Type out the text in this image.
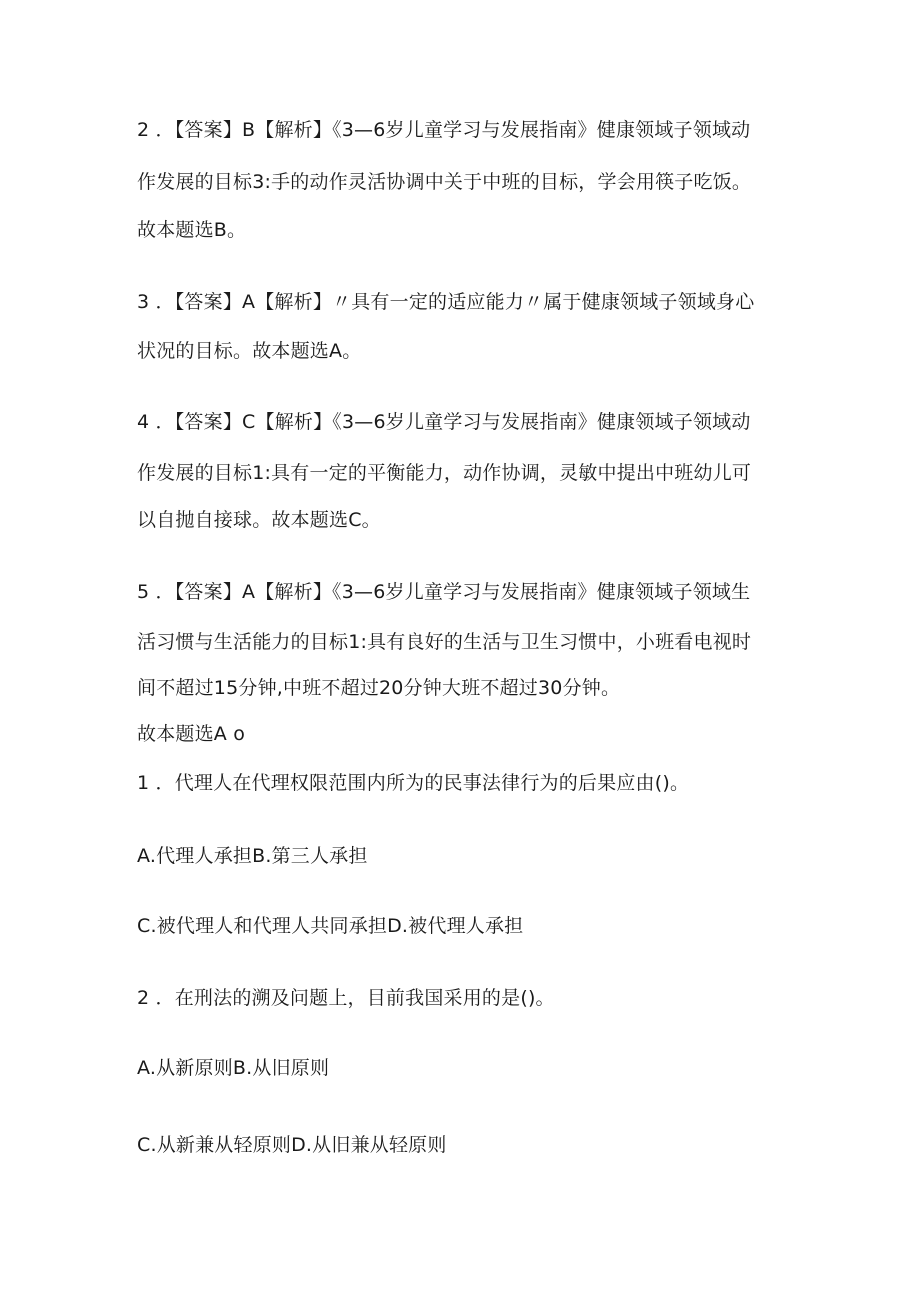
2 ．【答案】B【解析】《3—6岁儿童学习与发展指南》健康领域子领域动
作发展的目标3:手的动作灵活协调中关于中班的目标，学会用筷子吃饭。
故本题选B。
3 ．【答案】A【解析】〃具有一定的适应能力〃属于健康领域子领域身心
状况的目标。故本题选A。
4 ．【答案】C【解析】《3—6岁儿童学习与发展指南》健康领域子领域动
作发展的目标1:具有一定的平衡能力，动作协调，灵敏中提出中班幼儿可
以自抛自接球。故本题选C。
5 ．【答案】A【解析】《3—6岁儿童学习与发展指南》健康领域子领域生
活习惯与生活能力的目标1:具有良好的生活与卫生习惯中，小班看电视时
间不超过15分钟,中班不超过20分钟大班不超过30分钟。
故本题选A o
1 ．代理人在代理权限范围内所为的民事法律行为的后果应由()。
A.代理人承担B.第三人承担
C.被代理人和代理人共同承担D.被代理人承担
2 ．在刑法的溯及问题上，目前我国采用的是()。
A.从新原则B.从旧原则
C.从新兼从轻原则D.从旧兼从轻原则
